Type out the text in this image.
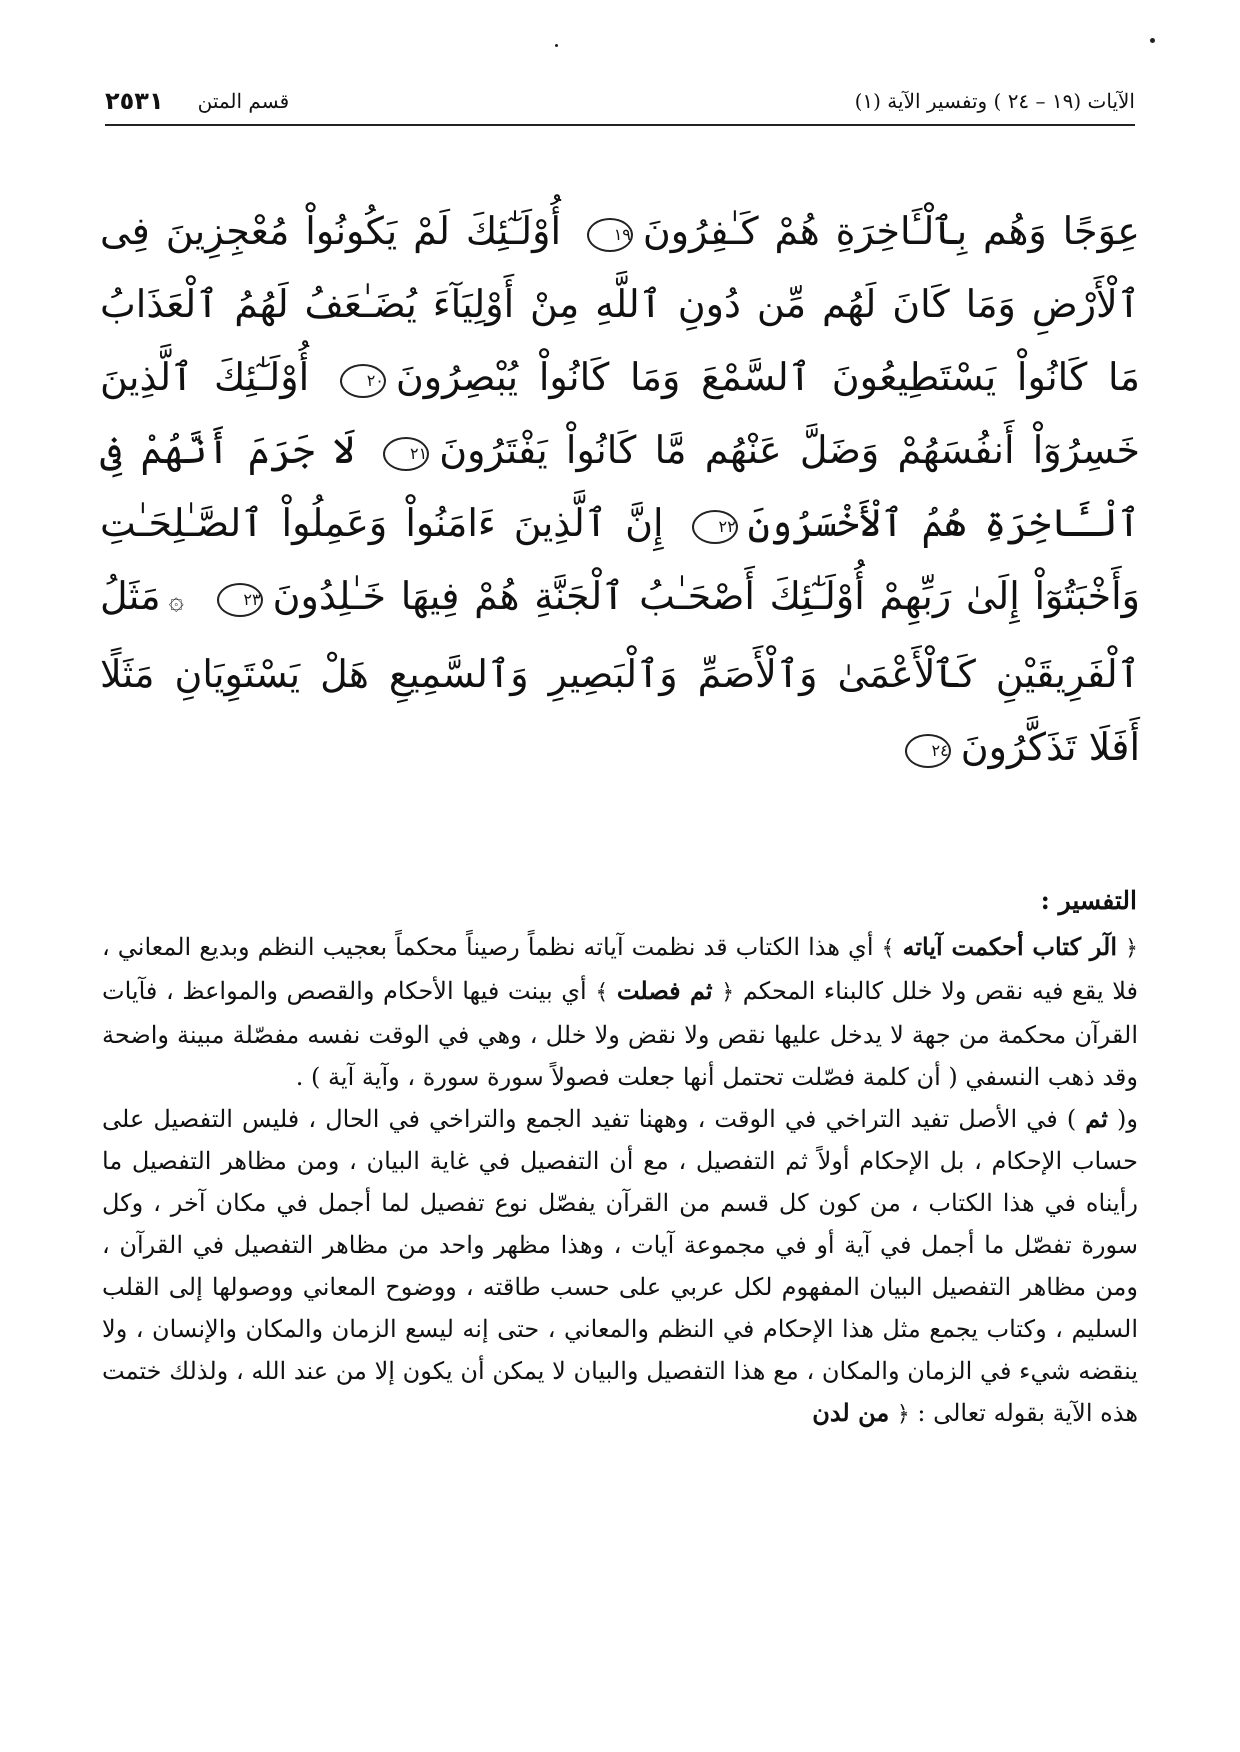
٢٥٣١ قسم المتن	الآيات (١٩ – ٢٤ ) وتفسير الآية (١)
عِوَجًا وَهُم بِٱلْـَٔاخِرَةِ هُمْ كَـٰفِرُونَ١٩ أُوْلَـٰٓئِكَ لَمْ يَكُونُواْ مُعْجِزِينَ فِى ٱلْأَرْضِ وَمَا كَانَ لَهُم مِّن دُونِ ٱللَّهِ مِنْ أَوْلِيَآءَ يُضَـٰعَفُ لَهُمُ ٱلْعَذَابُ مَا كَانُواْ يَسْتَطِيعُونَ ٱلسَّمْعَ وَمَا كَانُواْ يُبْصِرُونَ٢٠ أُوْلَـٰٓئِكَ ٱلَّذِينَ خَسِرُوٓاْ أَنفُسَهُمْ وَضَلَّ عَنْهُم مَّا كَانُواْ يَفْتَرُونَ٢١ لَا جَرَمَ أَنَّهُمْ فِى ٱلْـَٔاخِرَةِ هُمُ ٱلْأَخْسَرُونَ٢٢ إِنَّ ٱلَّذِينَ ءَامَنُواْ وَعَمِلُواْ ٱلصَّـٰلِحَـٰتِ وَأَخْبَتُوٓاْ إِلَىٰ رَبِّهِمْ أُوْلَـٰٓئِكَ أَصْحَـٰبُ ٱلْجَنَّةِ هُمْ فِيهَا خَـٰلِدُونَ٢٣ ۞مَثَلُ ٱلْفَرِيقَيْنِ كَٱلْأَعْمَىٰ وَٱلْأَصَمِّ وَٱلْبَصِيرِ وَٱلسَّمِيعِ هَلْ يَسْتَوِيَانِ مَثَلًا أَفَلَا تَذَكَّرُونَ٢٤
التفسير :

﴿ الٓر كتاب أحكمت آياته ﴾ أي هذا الكتاب قد نظمت آياته نظماً رصيناً محكماً بعجيب النظم وبديع المعاني ، فلا يقع فيه نقص ولا خلل كالبناء المحكم ﴿ ثم فصلت ﴾ أي بينت فيها الأحكام والقصص والمواعظ ، فآيات القرآن محكمة من جهة لا يدخل عليها نقص ولا نقض ولا خلل ، وهي في الوقت نفسه مفصّلة مبينة واضحة وقد ذهب النسفي ( أن كلمة فصّلت تحتمل أنها جعلت فصولاً سورة سورة ، وآية آية ) .

و( ثم ) في الأصل تفيد التراخي في الوقت ، وههنا تفيد الجمع والتراخي في الحال ، فليس التفصيل على حساب الإحكام ، بل الإحكام أولاً ثم التفصيل ، مع أن التفصيل في غاية البيان ، ومن مظاهر التفصيل ما رأيناه في هذا الكتاب ، من كون كل قسم من القرآن يفصّل نوع تفصيل لما أجمل في مكان آخر ، وكل سورة تفصّل ما أجمل في آية أو في مجموعة آيات ، وهذا مظهر واحد من مظاهر التفصيل في القرآن ، ومن مظاهر التفصيل البيان المفهوم لكل عربي على حسب طاقته ، ووضوح المعاني ووصولها إلى القلب السليم ، وكتاب يجمع مثل هذا الإحكام في النظم والمعاني ، حتى إنه ليسع الزمان والمكان والإنسان ، ولا ينقضه شيء في الزمان والمكان ، مع هذا التفصيل والبيان لا يمكن أن يكون إلا من عند الله ، ولذلك ختمت هذه الآية بقوله تعالى : ﴿ من لدن
